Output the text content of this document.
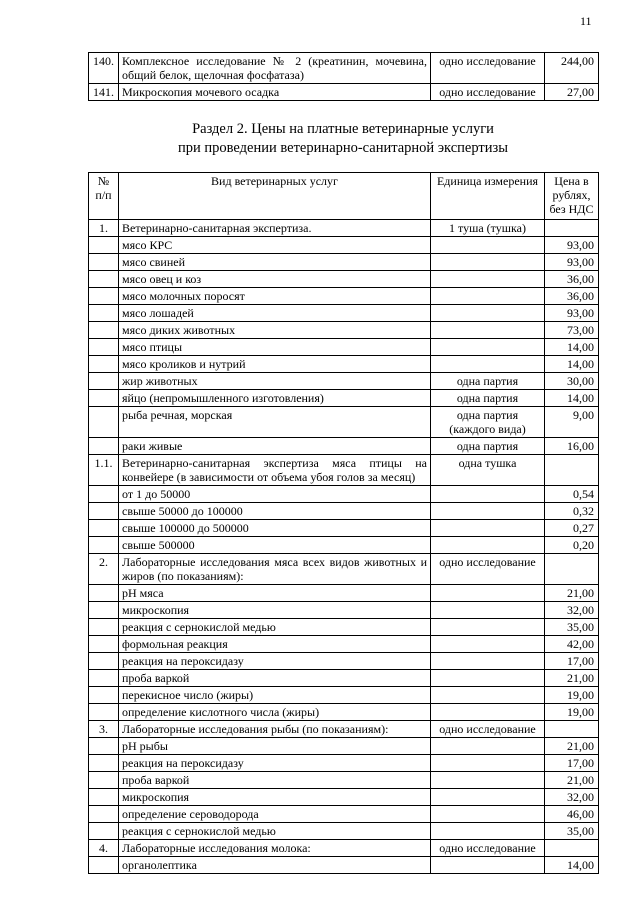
11
140.	Комплексное исследование № 2 (креатинин, мочевина, общий белок, щелочная фосфатаза)	одно исследование	244,00
141.	Микроскопия мочевого осадка	одно исследование	27,00
Раздел 2. Цены на платные ветеринарные услуги
при проведении ветеринарно-санитарной экспертизы
№ п/п	Вид ветеринарных услуг	Единица измерения	Цена в рублях, без НДС
1.	Ветеринарно-санитарная экспертиза.	1 туша (тушка)	
	мясо КРС		93,00
	мясо свиней		93,00
	мясо овец и коз		36,00
	мясо молочных поросят		36,00
	мясо лошадей		93,00
	мясо диких животных		73,00
	мясо птицы		14,00
	мясо кроликов и нутрий		14,00
	жир животных	одна партия	30,00
	яйцо (непромышленного изготовления)	одна партия	14,00
	рыба речная, морская	одна партия (каждого вида)	9,00
	раки живые	одна партия	16,00
1.1.	Ветеринарно-санитарная экспертиза мяса птицы на конвейере (в зависимости от объема убоя голов за месяц)	одна тушка	
	от 1 до 50000		0,54
	свыше 50000 до 100000		0,32
	свыше 100000 до 500000		0,27
	свыше 500000		0,20
2.	Лабораторные исследования мяса всех видов животных и жиров (по показаниям):	одно исследование	
	pH мяса		21,00
	микроскопия		32,00
	реакция с сернокислой медью		35,00
	формольная реакция		42,00
	реакция на пероксидазу		17,00
	проба варкой		21,00
	перекисное число (жиры)		19,00
	определение кислотного числа (жиры)		19,00
3.	Лабораторные исследования рыбы (по показаниям):	одно исследование	
	pH рыбы		21,00
	реакция на пероксидазу		17,00
	проба варкой		21,00
	микроскопия		32,00
	определение сероводорода		46,00
	реакция с сернокислой медью		35,00
4.	Лабораторные исследования молока:	одно исследование	
	органолептика		14,00
